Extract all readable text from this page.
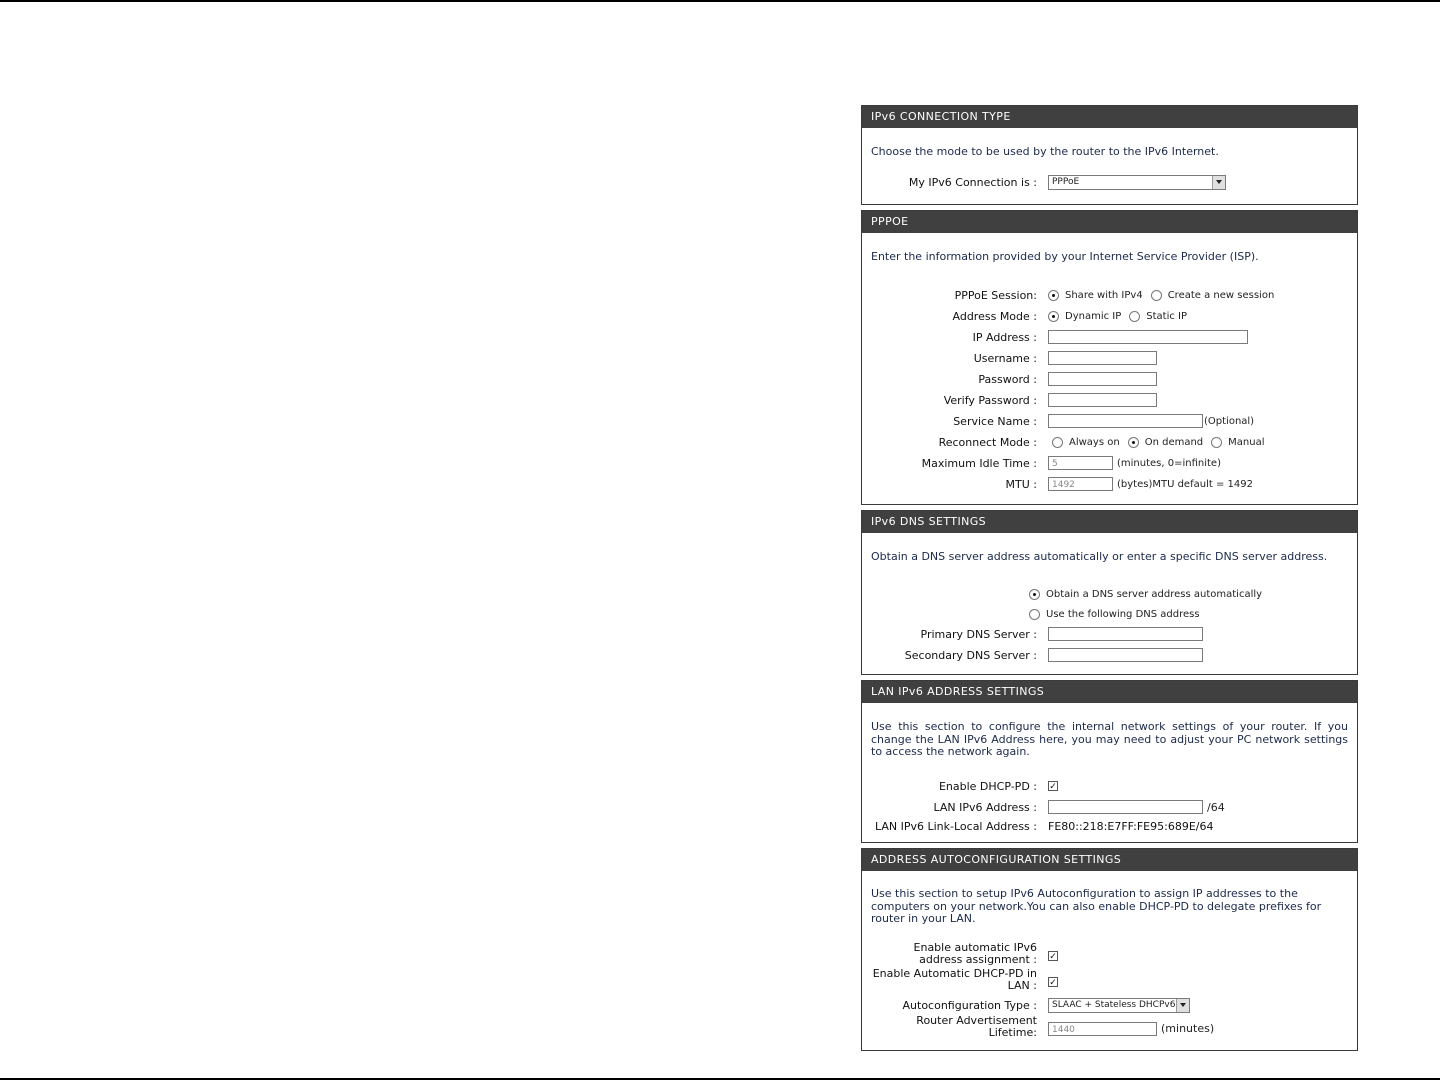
IPv6 CONNECTION TYPE
Choose the mode to be used by the router to the IPv6 Internet.
My IPv6 Connection is : PPPoE
PPPOE
Enter the information provided by your Internet Service Provider (ISP).
PPPoE Session:	Share with IPv4	Create a new session
Address Mode :	Dynamic IP	Static IP
IP Address :
Username :
Password :
Verify Password :
Service Name :	(Optional)
Reconnect Mode :	Always on	On demand	Manual
Maximum Idle Time :	5	(minutes, 0=infinite)
MTU :	1492	(bytes)MTU default = 1492
IPv6 DNS SETTINGS
Obtain a DNS server address automatically or enter a specific DNS server address.
Obtain a DNS server address automatically
Use the following DNS address
Primary DNS Server :
Secondary DNS Server :
LAN IPv6 ADDRESS SETTINGS
Use this section to configure the internal network settings of your router. If you change the LAN IPv6 Address here, you may need to adjust your PC network settings to access the network again.
Enable DHCP-PD : ✓
LAN IPv6 Address :	/64
LAN IPv6 Link-Local Address : FE80::218:E7FF:FE95:689E/64
ADDRESS AUTOCONFIGURATION SETTINGS
Use this section to setup IPv6 Autoconfiguration to assign IP addresses to the computers on your network.You can also enable DHCP-PD to delegate prefixes for router in your LAN.
Enable automatic IPv6
address assignment : ✓
Enable Automatic DHCP-PD in
LAN : ✓
Autoconfiguration Type : SLAAC + Stateless DHCPv6
Router Advertisement
Lifetime:	1440	(minutes)
